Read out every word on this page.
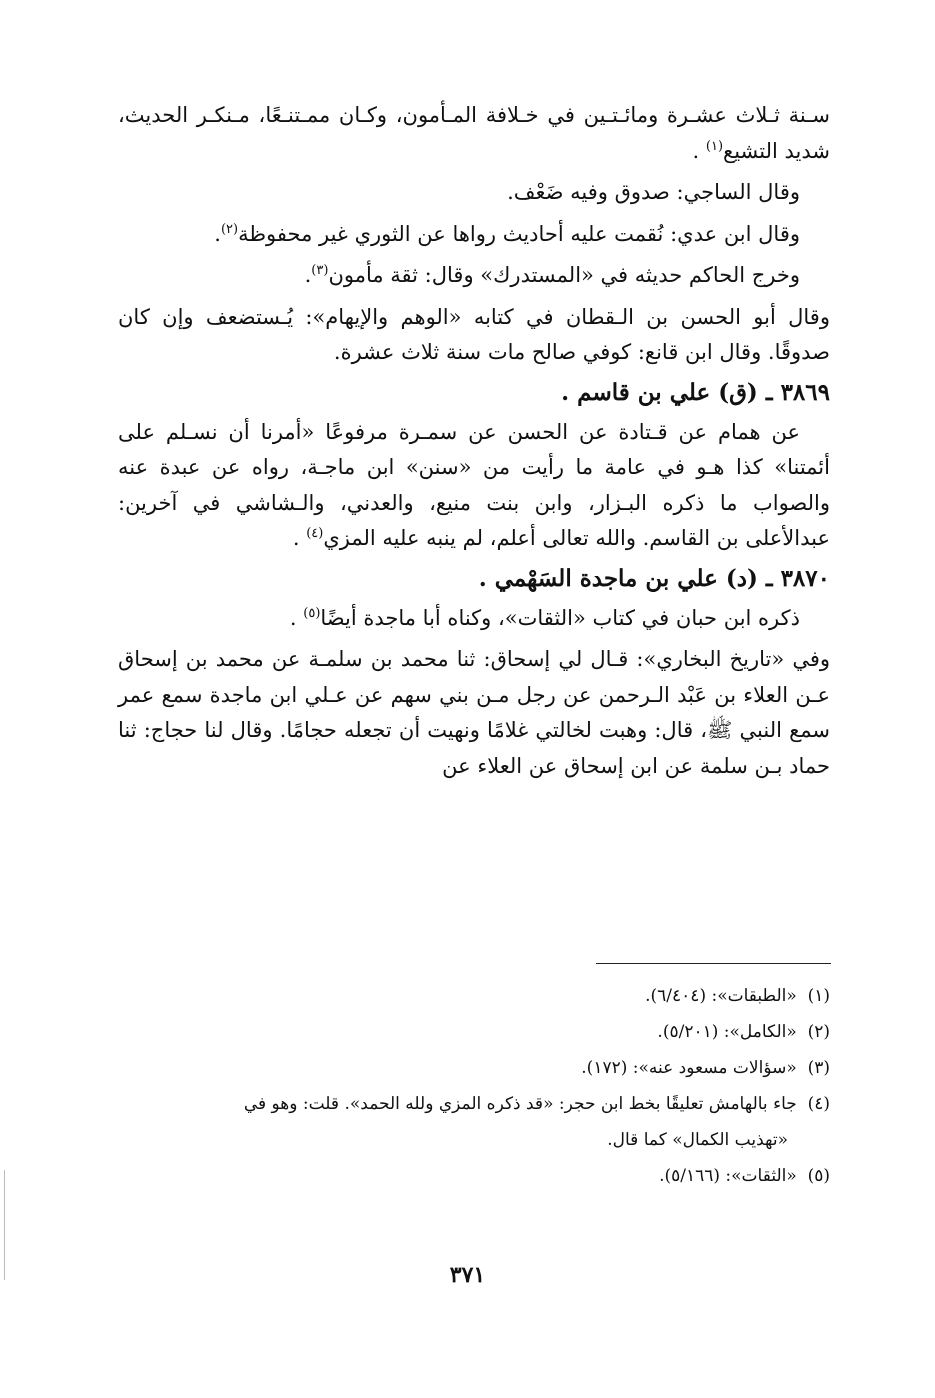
سـنة ثـلاث عشـرة ومائـتـين في خـلافة المـأمون، وكـان ممـتنـعًا، مـنكـر الحديث، شديد التشيع$^{(١)}$ .

وقال الساجي: صدوق وفيه ضَعْف.

وقال ابن عدي: نُقمت عليه أحاديث رواها عن الثوري غير محفوظة$^{(٢)}$.

وخرج الحاكم حديثه في «المستدرك» وقال: ثقة مأمون$^{(٣)}$.

وقال أبو الحسن بن الـقطان في كتابه «الوهم والإيهام»: يُـستضعف وإن كان صدوقًا. وقال ابن قانع: كوفي صالح مات سنة ثلاث عشرة.

٣٨٦٩ ـ (ق) علي بن قاسم .

عن همام عن قـتادة عن الحسن عن سمـرة مرفوعًا «أمرنا أن نسـلم على أئمتنا» كذا هـو في عامة ما رأيت من «سنن» ابن ماجـة، رواه عن عبدة عنه والصواب ما ذكره البـزار، وابن بنت منيع، والعدني، والـشاشي في آخرين: عبدالأعلى بن القاسم. والله تعالى أعلم، لم ينبه عليه المزي$^{(٤)}$ .

٣٨٧٠ ـ (د) علي بن ماجدة السَهْمي .

ذكره ابن حبان في كتاب «الثقات»، وكناه أبا ماجدة أيضًا$^{(٥)}$ .

وفي «تاريخ البخاري»: قـال لي إسحاق: ثنا محمد بن سلمـة عن محمد بن إسحاق عـن العلاء بن عَبْد الـرحمن عن رجل مـن بني سهم عن عـلي ابن ماجدة سمع عمر سمع النبي ﷺ، قال: وهبت لخالتي غلامًا ونهيت أن تجعله حجامًا. وقال لنا حجاج: ثنا حماد بـن سلمة عن ابن إسحاق عن العلاء عن

(١)  «الطبقات»: (٦/٤٠٤).

(٢)  «الكامل»: (٥/٢٠١).

(٣)  «سؤالات مسعود عنه»: (١٧٢).

(٤)  جاء بالهامش تعليقًا بخط ابن حجر: «قد ذكره المزي ولله الحمد». قلت: وهو في

«تهذيب الكمال» كما قال.

(٥)  «الثقات»: (٥/١٦٦).

٣٧١
